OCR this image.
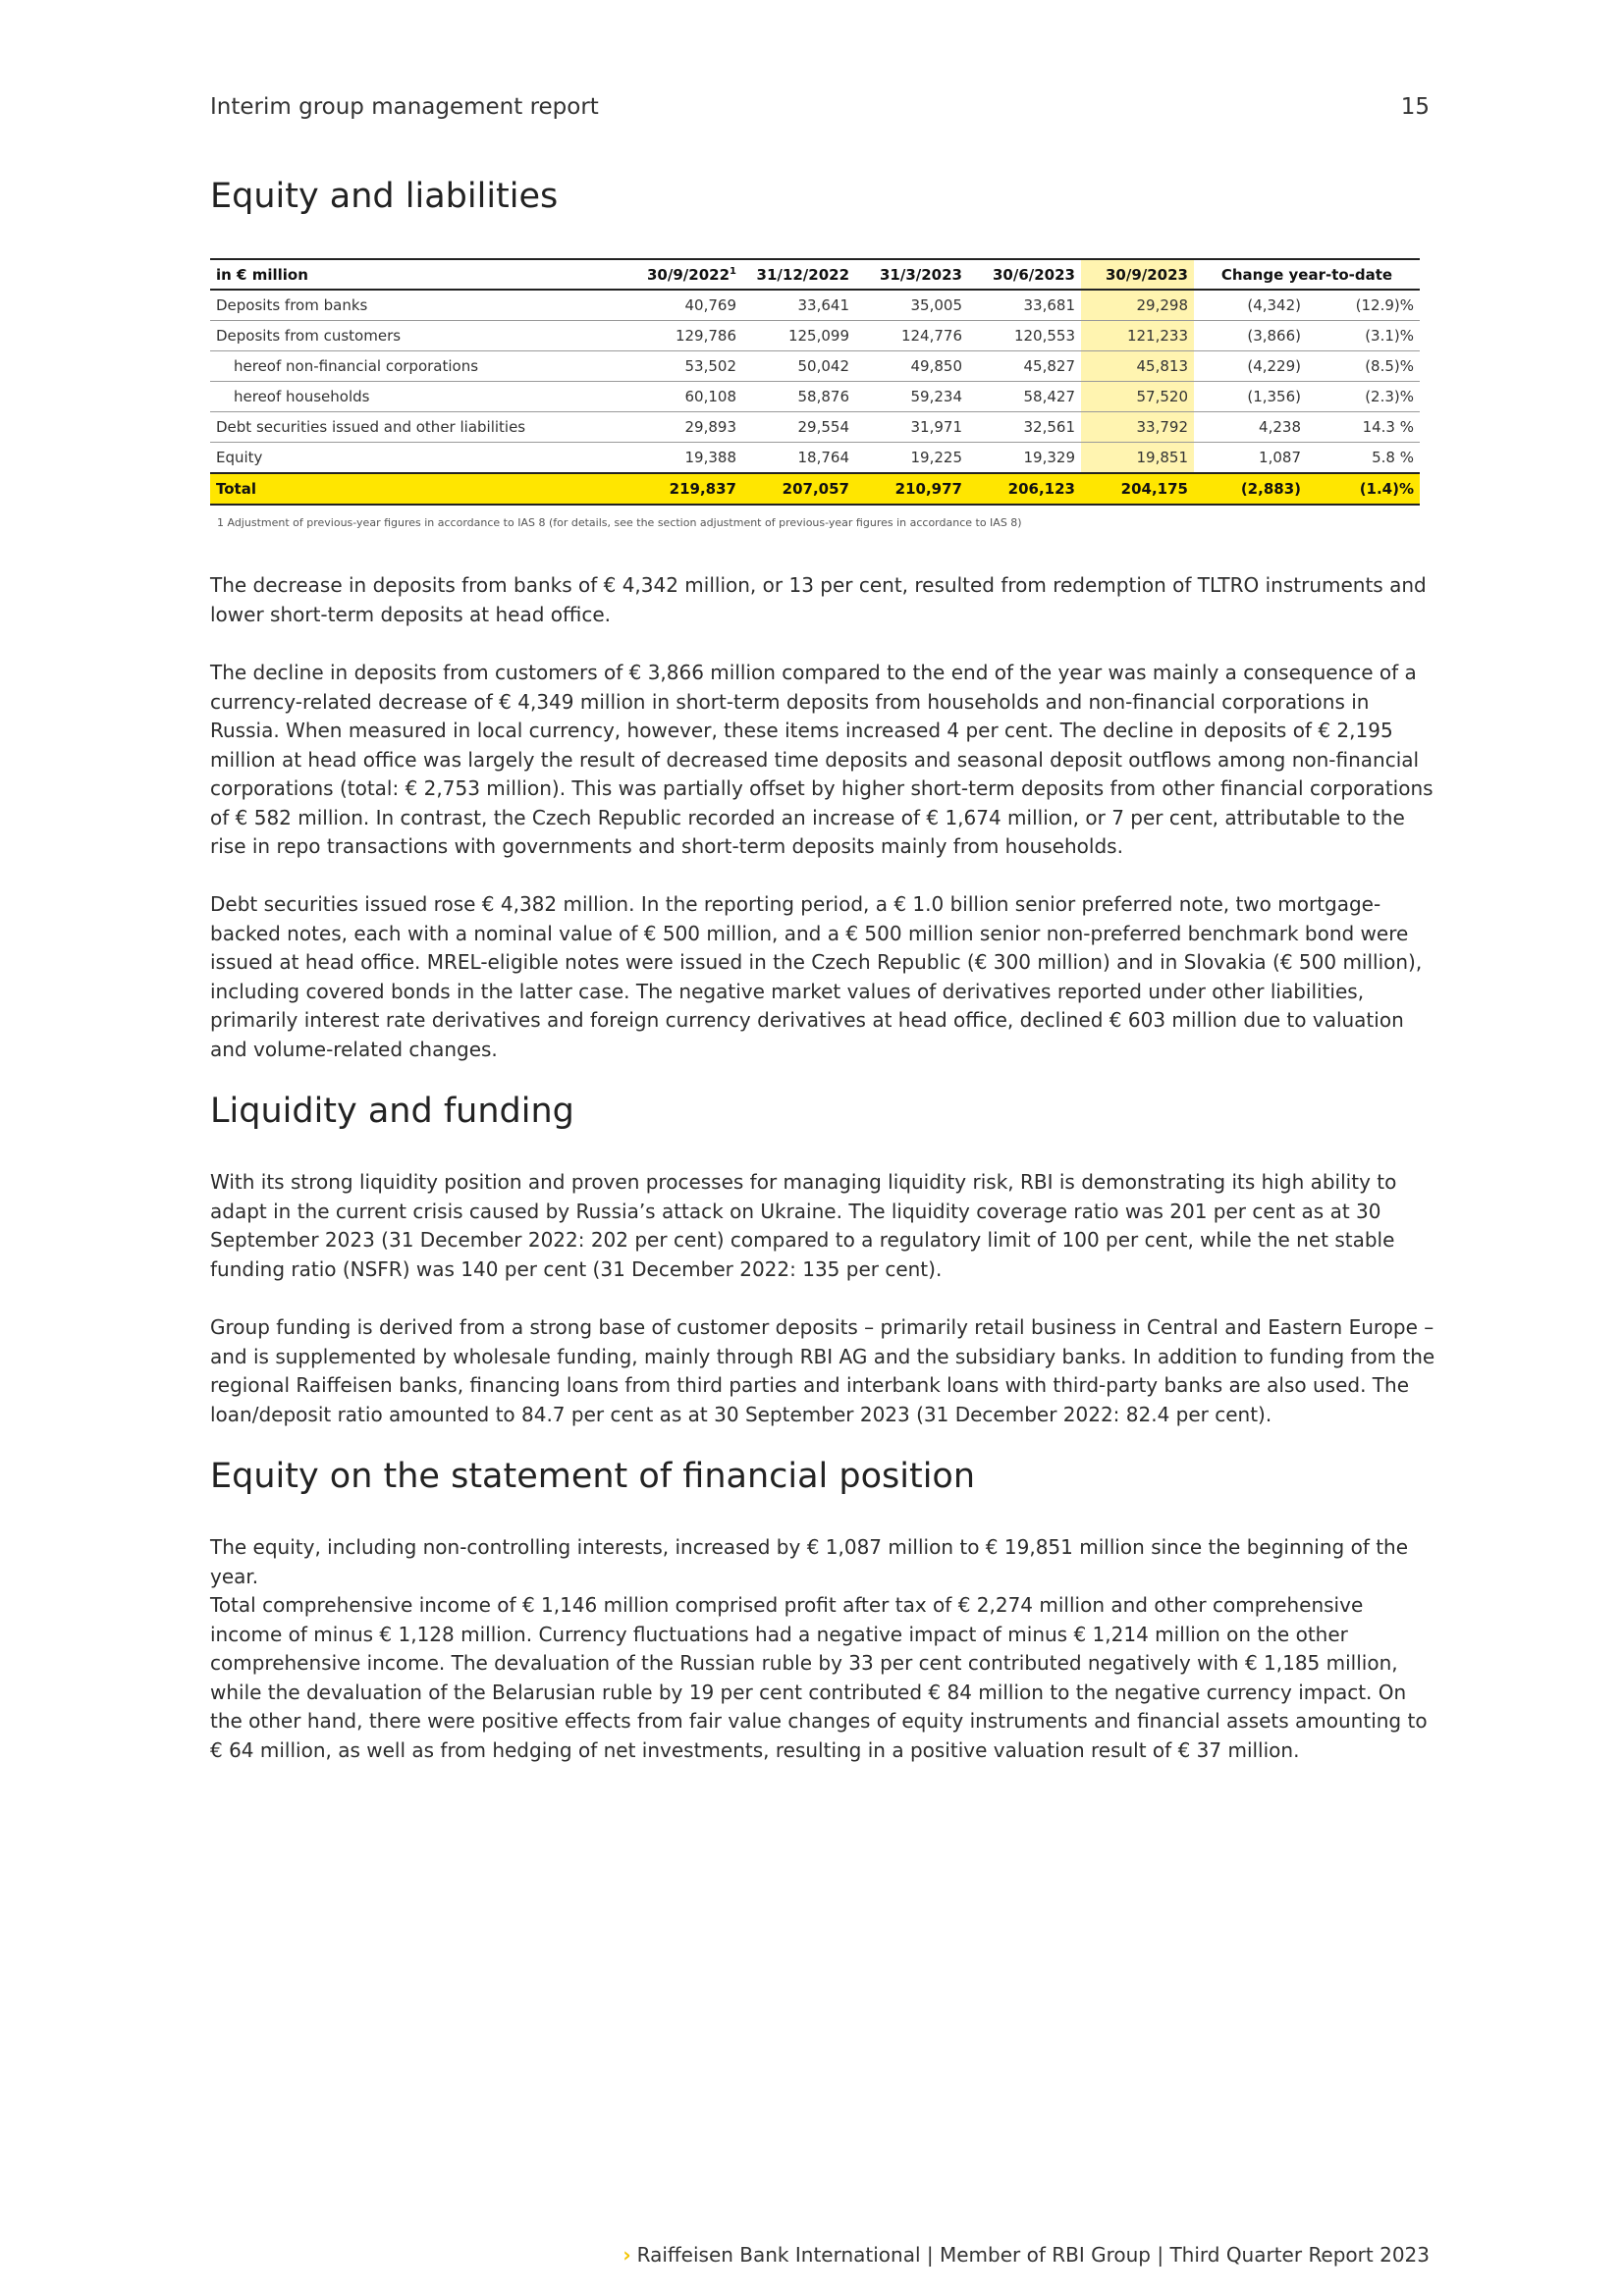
Interim group management report	15
Equity and liabilities
in € million	30/9/2022$^1$	31/12/2022	31/3/2023	30/6/2023	30/9/2023	Change year-to-date	
Deposits from banks	40,769	33,641	35,005	33,681	29,298	(4,342)	(12.9)%
Deposits from customers	129,786	125,099	124,776	120,553	121,233	(3,866)	(3.1)%
hereof non-financial corporations	53,502	50,042	49,850	45,827	45,813	(4,229)	(8.5)%
hereof households	60,108	58,876	59,234	58,427	57,520	(1,356)	(2.3)%
Debt securities issued and other liabilities	29,893	29,554	31,971	32,561	33,792	4,238	14.3 %
Equity	19,388	18,764	19,225	19,329	19,851	1,087	5.8 %
Total	219,837	207,057	210,977	206,123	204,175	(2,883)	(1.4)%
1 Adjustment of previous-year figures in accordance to IAS 8 (for details, see the section adjustment of previous-year figures in accordance to IAS 8)

The decrease in deposits from banks of € 4,342 million, or 13 per cent, resulted from redemption of TLTRO instruments and lower short-term deposits at head office.

The decline in deposits from customers of € 3,866 million compared to the end of the year was mainly a consequence of a currency-related decrease of € 4,349 million in short-term deposits from households and non-financial corporations in Russia. When measured in local currency, however, these items increased 4 per cent. The decline in deposits of € 2,195 million at head office was largely the result of decreased time deposits and seasonal deposit outflows among non-financial corporations (total: € 2,753 million). This was partially offset by higher short-term deposits from other financial corporations of € 582 million. In contrast, the Czech Republic recorded an increase of € 1,674 million, or 7 per cent, attributable to the rise in repo transactions with governments and short-term deposits mainly from households.

Debt securities issued rose € 4,382 million. In the reporting period, a € 1.0 billion senior preferred note, two mortgage-backed notes, each with a nominal value of € 500 million, and a € 500 million senior non-preferred benchmark bond were issued at head office. MREL-eligible notes were issued in the Czech Republic (€ 300 million) and in Slovakia (€ 500 million), including covered bonds in the latter case. The negative market values of derivatives reported under other liabilities, primarily interest rate derivatives and foreign currency derivatives at head office, declined € 603 million due to valuation and volume-related changes.

Liquidity and funding

With its strong liquidity position and proven processes for managing liquidity risk, RBI is demonstrating its high ability to adapt in the current crisis caused by Russia’s attack on Ukraine. The liquidity coverage ratio was 201 per cent as at 30 September 2023 (31 December 2022: 202 per cent) compared to a regulatory limit of 100 per cent, while the net stable funding ratio (NSFR) was 140 per cent (31 December 2022: 135 per cent).

Group funding is derived from a strong base of customer deposits – primarily retail business in Central and Eastern Europe – and is supplemented by wholesale funding, mainly through RBI AG and the subsidiary banks. In addition to funding from the regional Raiffeisen banks, financing loans from third parties and interbank loans with third-party banks are also used. The loan/deposit ratio amounted to 84.7 per cent as at 30 September 2023 (31 December 2022: 82.4 per cent).

Equity on the statement of financial position

The equity, including non-controlling interests, increased by € 1,087 million to € 19,851 million since the beginning of the year.

Total comprehensive income of € 1,146 million comprised profit after tax of € 2,274 million and other comprehensive income of minus € 1,128 million. Currency fluctuations had a negative impact of minus € 1,214 million on the other comprehensive income. The devaluation of the Russian ruble by 33 per cent contributed negatively with € 1,185 million, while the devaluation of the Belarusian ruble by 19 per cent contributed € 84 million to the negative currency impact. On the other hand, there were positive effects from fair value changes of equity instruments and financial assets amounting to € 64 million, as well as from hedging of net investments, resulting in a positive valuation result of € 37 million.

› Raiffeisen Bank International | Member of RBI Group | Third Quarter Report 2023
